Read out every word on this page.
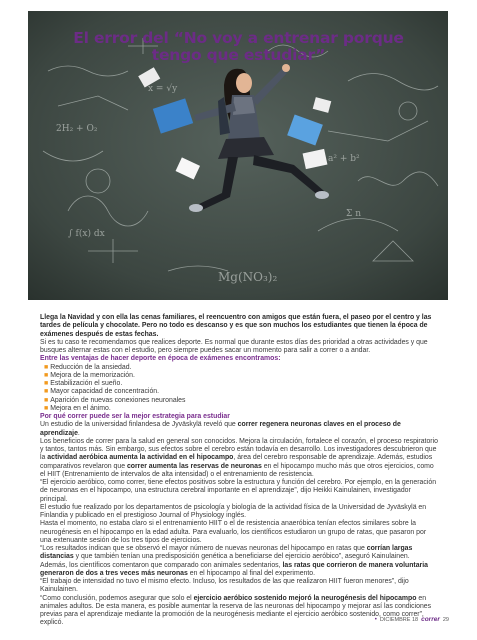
2H₂ + O₂
a² + b²
∫ f(x) dx
Σ n
Mg(NO₃)₂
x = √y
El error del “No voy a entrenar porque
tengo que estudiar”

Llega la Navidad y con ella las cenas familiares, el reencuentro con amigos que están fuera, el paseo por el centro y las tardes de película y chocolate. Pero no todo es descanso y es que son muchos los estudiantes que tienen la época de exámenes después de estas fechas.

Si es tu caso te recomendamos que realices deporte. Es normal que durante estos días des prioridad a otras actividades y que busques alternar estas con el estudio, pero siempre puedes sacar un momento para salir a correr o a andar.

Entre las ventajas de hacer deporte en época de exámenes encontramos:

■ Reducción de la ansiedad.
■ Mejora de la memorización.
■ Estabilización el sueño.
■ Mayor capacidad de concentración.
■ Aparición de nuevas conexiones neuronales
■ Mejora en el ánimo.

Por qué correr puede ser la mejor estrategia para estudiar

Un estudio de la universidad finlandesa de Jyväskylä reveló que correr regenera neuronas claves en el proceso de aprendizaje.

Los beneficios de correr para la salud en general son conocidos. Mejora la circulación, fortalece el corazón, el proceso respiratorio y tantos, tantos más. Sin embargo, sus efectos sobre el cerebro están todavía en desarrollo. Los investigadores descubrieron que la actividad aeróbica aumenta la actividad en el hipocampo, área del cerebro responsable de aprendizaje. Además, estudios comparativos revelaron que correr aumenta las reservas de neuronas en el hipocampo mucho más que otros ejercicios, como el HIIT (Entrenamiento de intervalos de alta intensidad) o el entrenamiento de resistencia.

“El ejercicio aeróbico, como correr, tiene efectos positivos sobre la estructura y función del cerebro. Por ejemplo, en la generación de neuronas en el hipocampo, una estructura cerebral importante en el aprendizaje”, dijo Heikki Kainulainen, investigador principal.

El estudio fue realizado por los departamentos de psicología y biología de la actividad física de la Universidad de Jyväskylä en Finlandia y publicado en el prestigioso Journal of Physiology inglés.

Hasta el momento, no estaba claro si el entrenamiento HIIT o el de resistencia anaeróbica tenían efectos similares sobre la neurogénesis en el hipocampo en la edad adulta. Para evaluarlo, los científicos estudiaron un grupo de ratas, que pasaron por una extenuante sesión de los tres tipos de ejercicios.

“Los resultados indican que se observó el mayor número de nuevas neuronas del hipocampo en ratas que corrían largas distancias y que también tenían una predisposición genética a beneficiarse del ejercicio aeróbico”, aseguró Kainulainen.

Además, los científicos comentaron que comparado con animales sedentarios, las ratas que corrieron de manera voluntaria generaron de dos a tres veces más neuronas en el hipocampo al final del experimento.

“El trabajo de intensidad no tuvo el mismo efecto. Incluso, los resultados de las que realizaron HIIT fueron menores”, dijo Kainulainen.

“Como conclusión, podemos asegurar que solo el ejercicio aeróbico sostenido mejoró la neurogénesis del hipocampo en animales adultos. De esta manera, es posible aumentar la reserva de las neuronas del hipocampo y mejorar así las condiciones previas para el aprendizaje mediante la promoción de la neurogénesis mediante el ejercicio aeróbico sostenido, como correr”, explicó.	• DICIEMBRE 18 correr 29
